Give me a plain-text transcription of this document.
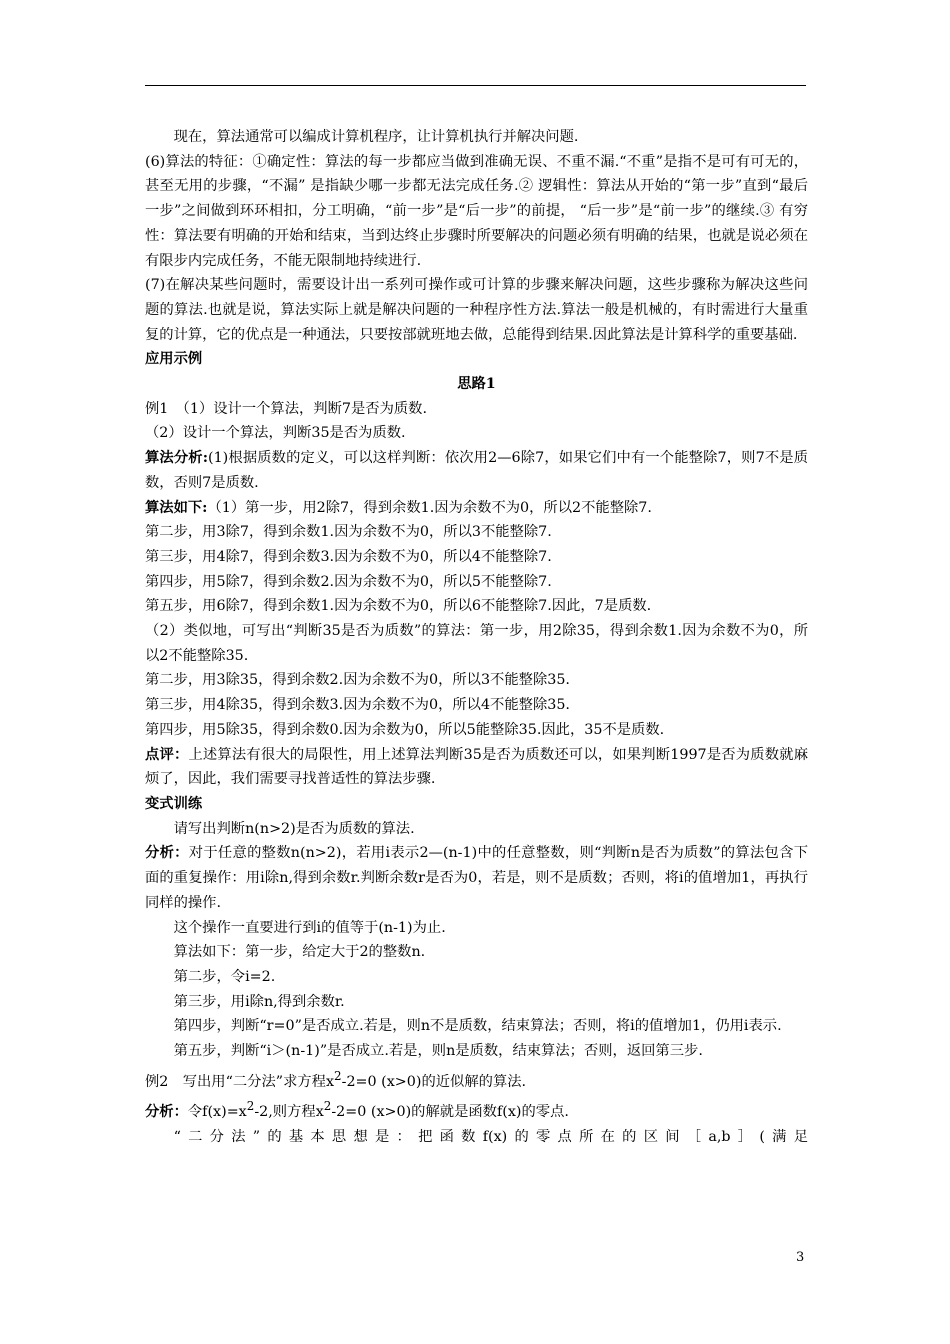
现在，算法通常可以编成计算机程序，让计算机执行并解决问题.

(6)算法的特征：①确定性：算法的每一步都应当做到准确无误、不重不漏.“不重”是指不是可有可无的，甚至无用的步骤，“不漏” 是指缺少哪一步都无法完成任务.② 逻辑性：算法从开始的“第一步”直到“最后一步”之间做到环环相扣，分工明确，“前一步”是“后一步”的前提， “后一步”是“前一步”的继续.③ 有穷性：算法要有明确的开始和结束，当到达终止步骤时所要解决的问题必须有明确的结果，也就是说必须在有限步内完成任务，不能无限制地持续进行.

(7)在解决某些问题时，需要设计出一系列可操作或可计算的步骤来解决问题，这些步骤称为解决这些问题的算法.也就是说，算法实际上就是解决问题的一种程序性方法.算法一般是机械的，有时需进行大量重复的计算，它的优点是一种通法，只要按部就班地去做，总能得到结果.因此算法是计算科学的重要基础.

应用示例

思路1

例1　（1）设计一个算法，判断7是否为质数.

（2）设计一个算法，判断35是否为质数.

算法分析:(1)根据质数的定义，可以这样判断：依次用2—6除7，如果它们中有一个能整除7，则7不是质数，否则7是质数.

算法如下:（1）第一步，用2除7，得到余数1.因为余数不为0，所以2不能整除7.

第二步，用3除7，得到余数1.因为余数不为0，所以3不能整除7.

第三步，用4除7，得到余数3.因为余数不为0，所以4不能整除7.

第四步，用5除7，得到余数2.因为余数不为0，所以5不能整除7.

第五步，用6除7，得到余数1.因为余数不为0，所以6不能整除7.因此，7是质数.

（2）类似地，可写出“判断35是否为质数”的算法：第一步，用2除35，得到余数1.因为余数不为0，所以2不能整除35.

第二步，用3除35，得到余数2.因为余数不为0，所以3不能整除35.

第三步，用4除35，得到余数3.因为余数不为0，所以4不能整除35.

第四步，用5除35，得到余数0.因为余数为0，所以5能整除35.因此，35不是质数.

点评：上述算法有很大的局限性，用上述算法判断35是否为质数还可以，如果判断1997是否为质数就麻烦了，因此，我们需要寻找普适性的算法步骤.

变式训练

请写出判断n(n>2)是否为质数的算法.

分析：对于任意的整数n(n>2)，若用i表示2—(n-1)中的任意整数，则“判断n是否为质数”的算法包含下面的重复操作：用i除n,得到余数r.判断余数r是否为0，若是，则不是质数；否则，将i的值增加1，再执行同样的操作.

这个操作一直要进行到i的值等于(n-1)为止.

算法如下：第一步，给定大于2的整数n.

第二步，令i=2.

第三步，用i除n,得到余数r.

第四步，判断“r=0”是否成立.若是，则n不是质数，结束算法；否则，将i的值增加1，仍用i表示.

第五步，判断“i＞(n-1)”是否成立.若是，则n是质数，结束算法；否则，返回第三步.

例2　写出用“二分法”求方程$x^2-2=0$ (x>0)的近似解的算法.

分析：令$f(x)=x^2-2$,则方程$x^2-2=0$ (x>0)的解就是函数f(x)的零点.

“二分法”的基本思想是：把函数f(x)的零点所在的区间［a,b］(满足

3
